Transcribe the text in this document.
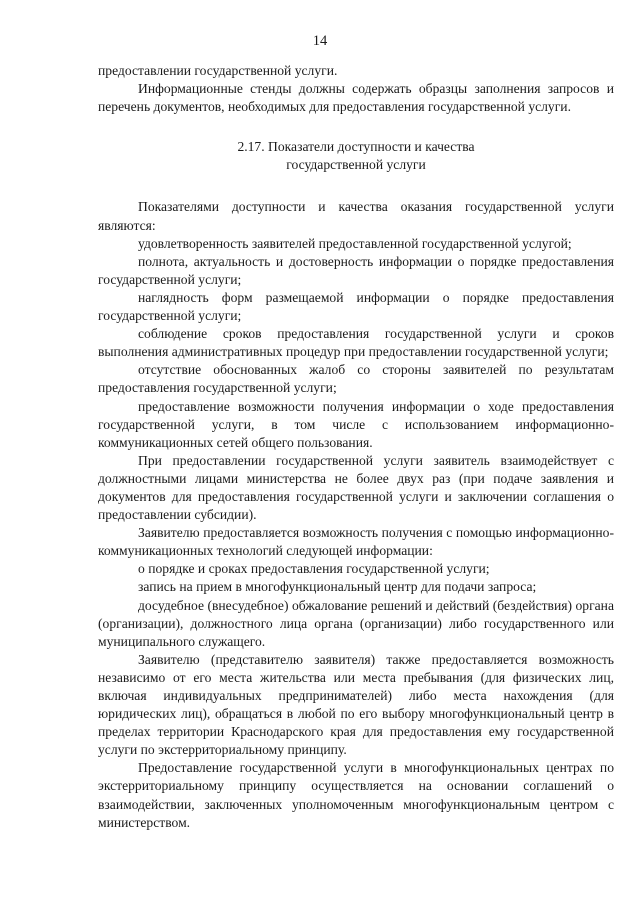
14

предоставлении государственной услуги.

Информационные стенды должны содержать образцы заполнения запросов и перечень документов, необходимых для предоставления государственной услуги.

2.17. Показатели доступности и качества
государственной услуги

Показателями доступности и качества оказания государственной услуги являются:

удовлетворенность заявителей предоставленной государственной услугой;

полнота, актуальность и достоверность информации о порядке предоставления государственной услуги;

наглядность форм размещаемой информации о порядке предоставления государственной услуги;

соблюдение сроков предоставления государственной услуги и сроков выполнения административных процедур при предоставлении государственной услуги;

отсутствие обоснованных жалоб со стороны заявителей по результатам предоставления государственной услуги;

предоставление возможности получения информации о ходе предоставления государственной услуги, в том числе с использованием информационно-коммуникационных сетей общего пользования.

При предоставлении государственной услуги заявитель взаимодействует с должностными лицами министерства не более двух раз (при подаче заявления и документов для предоставления государственной услуги и заключении соглашения о предоставлении субсидии).

Заявителю предоставляется возможность получения с помощью информационно-коммуникационных технологий следующей информации:

о порядке и сроках предоставления государственной услуги;

запись на прием в многофункциональный центр для подачи запроса;

досудебное (внесудебное) обжалование решений и действий (бездействия) органа (организации), должностного лица органа (организации) либо государственного или муниципального служащего.

Заявителю (представителю заявителя) также предоставляется возможность независимо от его места жительства или места пребывания (для физических лиц, включая индивидуальных предпринимателей) либо места нахождения (для юридических лиц), обращаться в любой по его выбору многофункциональный центр в пределах территории Краснодарского края для предоставления ему государственной услуги по экстерриториальному принципу.

Предоставление государственной услуги в многофункциональных центрах по экстерриториальному принципу осуществляется на основании соглашений о взаимодействии, заключенных уполномоченным многофункциональным центром с министерством.
